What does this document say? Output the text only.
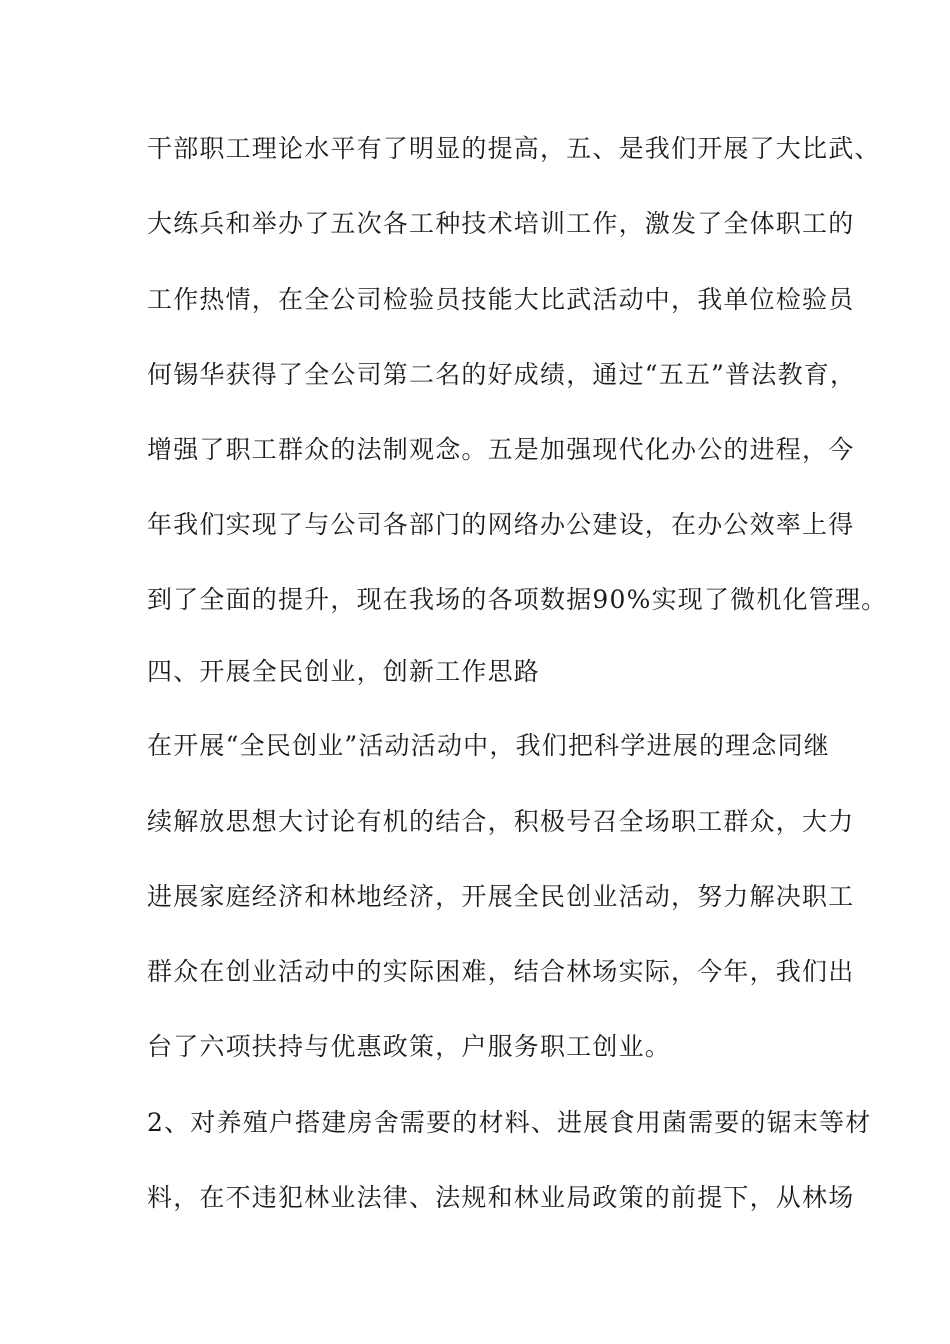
干部职工理论水平有了明显的提高，五、是我们开展了大比武、
大练兵和举办了五次各工种技术培训工作，激发了全体职工的
工作热情，在全公司检验员技能大比武活动中，我单位检验员
何锡华获得了全公司第二名的好成绩，通过“五五”普法教育，
增强了职工群众的法制观念。五是加强现代化办公的进程，今
年我们实现了与公司各部门的网络办公建设，在办公效率上得
到了全面的提升，现在我场的各项数据90%实现了微机化管理。
四、开展全民创业，创新工作思路
在开展“全民创业”活动活动中，我们把科学进展的理念同继
续解放思想大讨论有机的结合，积极号召全场职工群众，大力
进展家庭经济和林地经济，开展全民创业活动，努力解决职工
群众在创业活动中的实际困难，结合林场实际，今年，我们出
台了六项扶持与优惠政策，户服务职工创业。
2、对养殖户搭建房舍需要的材料、进展食用菌需要的锯末等材
料，在不违犯林业法律、法规和林业局政策的前提下，从林场
